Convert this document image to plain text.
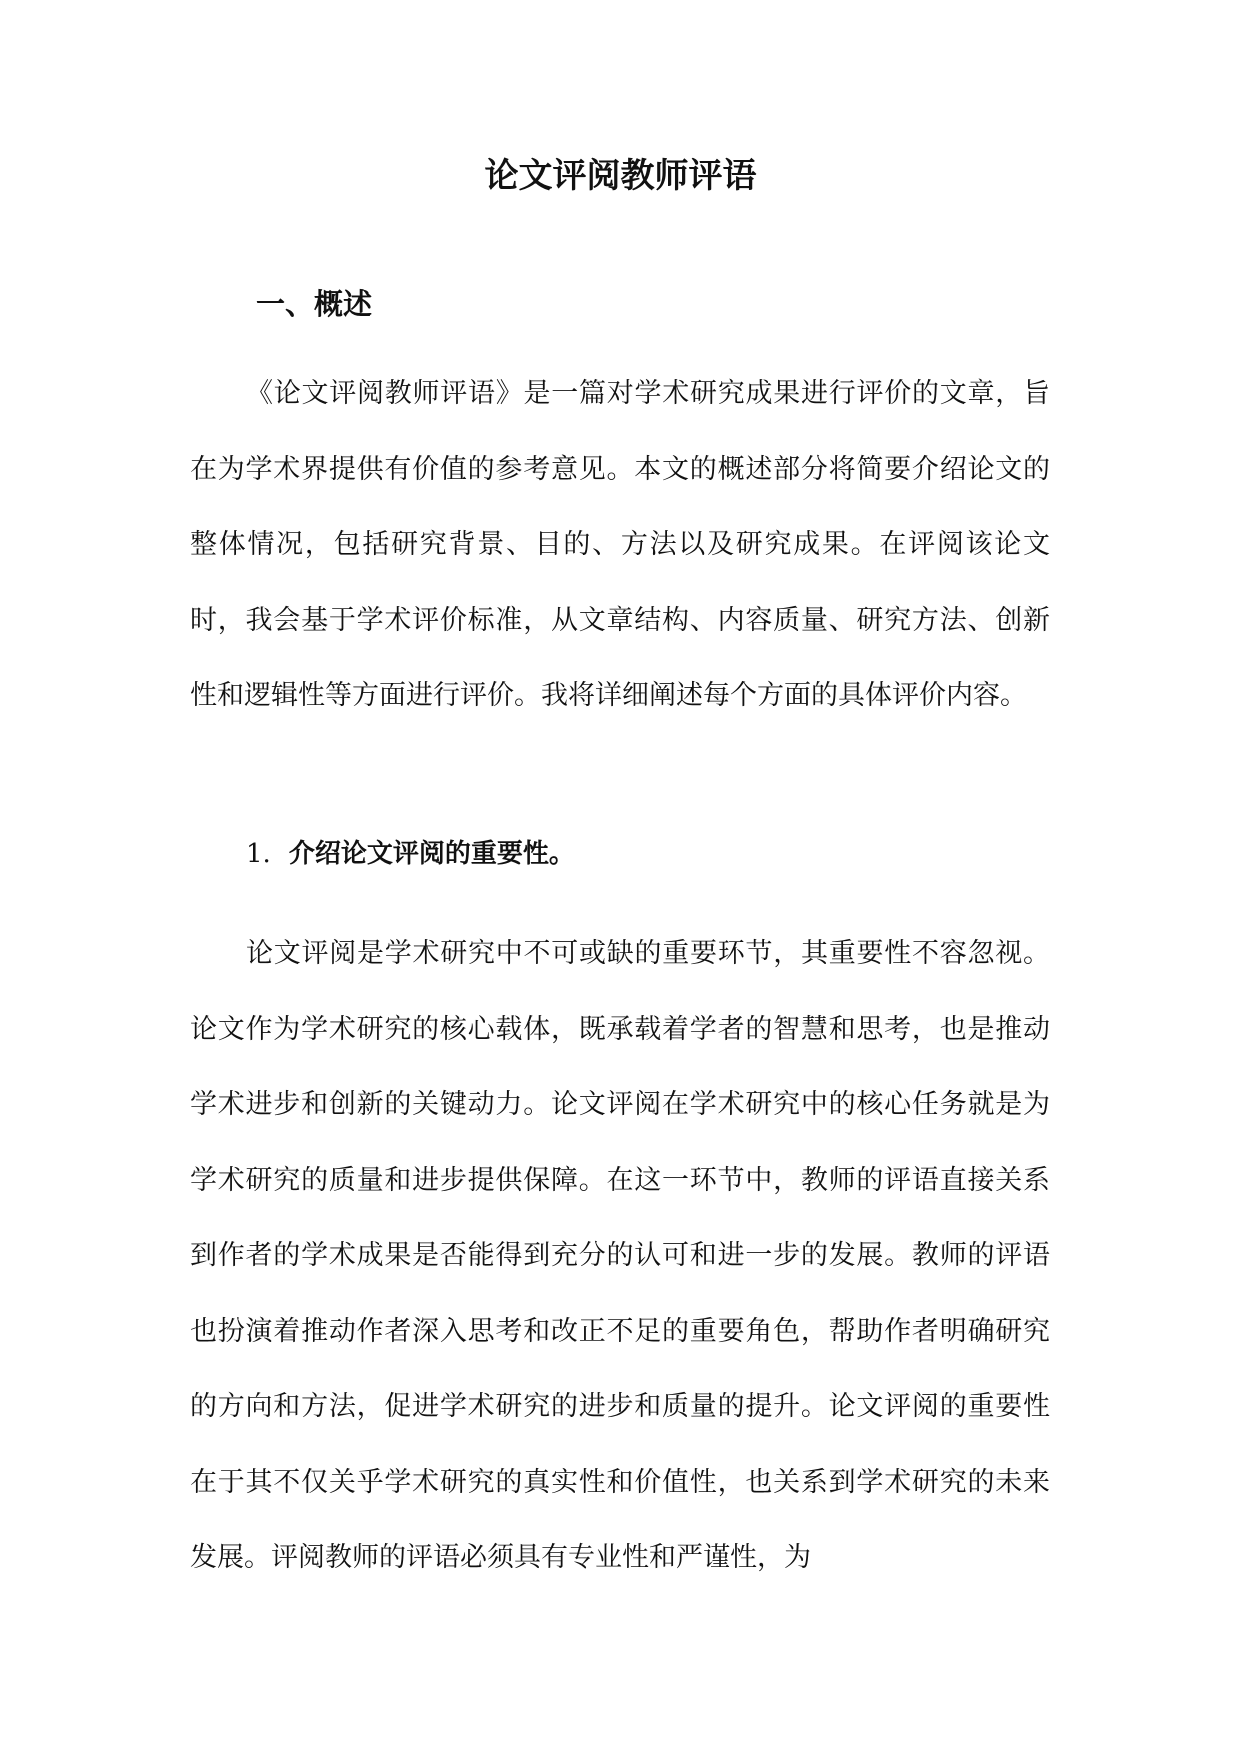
论文评阅教师评语
一、概述

《论文评阅教师评语》是一篇对学术研究成果进行评价的文章，旨在为学术界提供有价值的参考意见。本文的概述部分将简要介绍论文的整体情况，包括研究背景、目的、方法以及研究成果。在评阅该论文时，我会基于学术评价标准，从文章结构、内容质量、研究方法、创新性和逻辑性等方面进行评价。我将详细阐述每个方面的具体评价内容。

1. 介绍论文评阅的重要性。

论文评阅是学术研究中不可或缺的重要环节，其重要性不容忽视。论文作为学术研究的核心载体，既承载着学者的智慧和思考，也是推动学术进步和创新的关键动力。论文评阅在学术研究中的核心任务就是为学术研究的质量和进步提供保障。在这一环节中，教师的评语直接关系到作者的学术成果是否能得到充分的认可和进一步的发展。教师的评语也扮演着推动作者深入思考和改正不足的重要角色，帮助作者明确研究的方向和方法，促进学术研究的进步和质量的提升。论文评阅的重要性在于其不仅关乎学术研究的真实性和价值性，也关系到学术研究的未来发展。评阅教师的评语必须具有专业性和严谨性，为
